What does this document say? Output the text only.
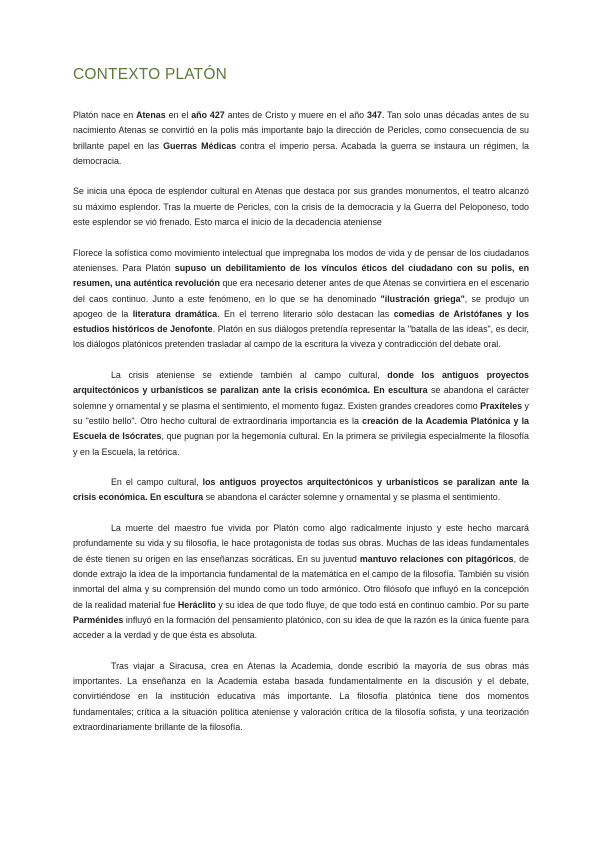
CONTEXTO PLATÓN

Platón nace en Atenas en el año 427 antes de Cristo y muere en el año 347. Tan solo unas décadas antes de su nacimiento Atenas se convirtió en la polis más importante bajo la dirección de Pericles, como consecuencia de su brillante papel en las Guerras Médicas contra el imperio persa. Acabada la guerra se instaura un régimen, la democracia.

Se inicia una época de esplendor cultural en Atenas que destaca por sus grandes monumentos, el teatro alcanzó su máximo esplendor. Tras la muerte de Pericles, con la crisis de la democracia y la Guerra del Peloponeso, todo este esplendor se vió frenado. Esto marca el inicio de la decadencia ateniense

Florece la sofística como movimiento intelectual que impregnaba los modos de vida y de pensar de los ciudadanos atenienses. Para Platón supuso un debilitamiento de los vínculos éticos del ciudadano con su polis, en resumen, una auténtica revolución que era necesario detener antes de que Atenas se convirtiera en el escenario del caos continuo. Junto a este fenómeno, en lo que se ha denominado "ilustración griega", se produjo un apogeo de la literatura dramática. En el terreno literario sólo destacan las comedias de Aristófanes y los estudios históricos de Jenofonte. Platón en sus diálogos pretendía representar la "batalla de las ideas", es decir, los diálogos platónicos pretenden trasladar al campo de la escritura la viveza y contradicción del debate oral.

La crisis ateniense se extiende también al campo cultural, donde los antiguos proyectos arquitectónicos y urbanísticos se paralizan ante la crisis económica. En escultura se abandona el carácter solemne y ornamental y se plasma el sentimiento, el momento fugaz. Existen grandes creadores como Praxíteles y su "estilo bello". Otro hecho cultural de extraordinaria importancia es la creación de la Academia Platónica y la Escuela de Isócrates, que pugnan por la hegemonía cultural. En la primera se privilegia especialmente la filosofía y en la Escuela, la retórica.

En el campo cultural, los antiguos proyectos arquitectónicos y urbanísticos se paralizan ante la crisis económica. En escultura se abandona el carácter solemne y ornamental y se plasma el sentimiento.

La muerte del maestro fue vivida por Platón como algo radicalmente injusto y este hecho marcará profundamente su vida y su filosofía, le hace protagonista de todas sus obras. Muchas de las ideas fundamentales de éste tienen su origen en las enseñanzas socráticas. En su juventud mantuvo relaciones con pitagóricos, de donde extrajo la idea de la importancia fundamental de la matemática en el campo de la filosofía. También su visión inmortal del alma y su comprensión del mundo como un todo armónico. Otro filósofo que influyó en la concepción de la realidad material fue Heráclito y su idea de que todo fluye, de que todo está en continuo cambio. Por su parte Parménides influyó en la formación del pensamiento platónico, con su idea de que la razón es la única fuente para acceder a la verdad y de que ésta es absoluta.

Tras viajar a Siracusa, crea en Atenas la Academia, donde escribió la mayoría de sus obras más importantes. La enseñanza en la Academia estaba basada fundamentalmente en la discusión y el debate, convirtiéndose en la institución educativa más importante. La filosofía platónica tiene dos momentos fundamentales; crítica a la situación política ateniense y valoración crítica de la filosofía sofista, y una teorización extraordinariamente brillante de la filosofía.
